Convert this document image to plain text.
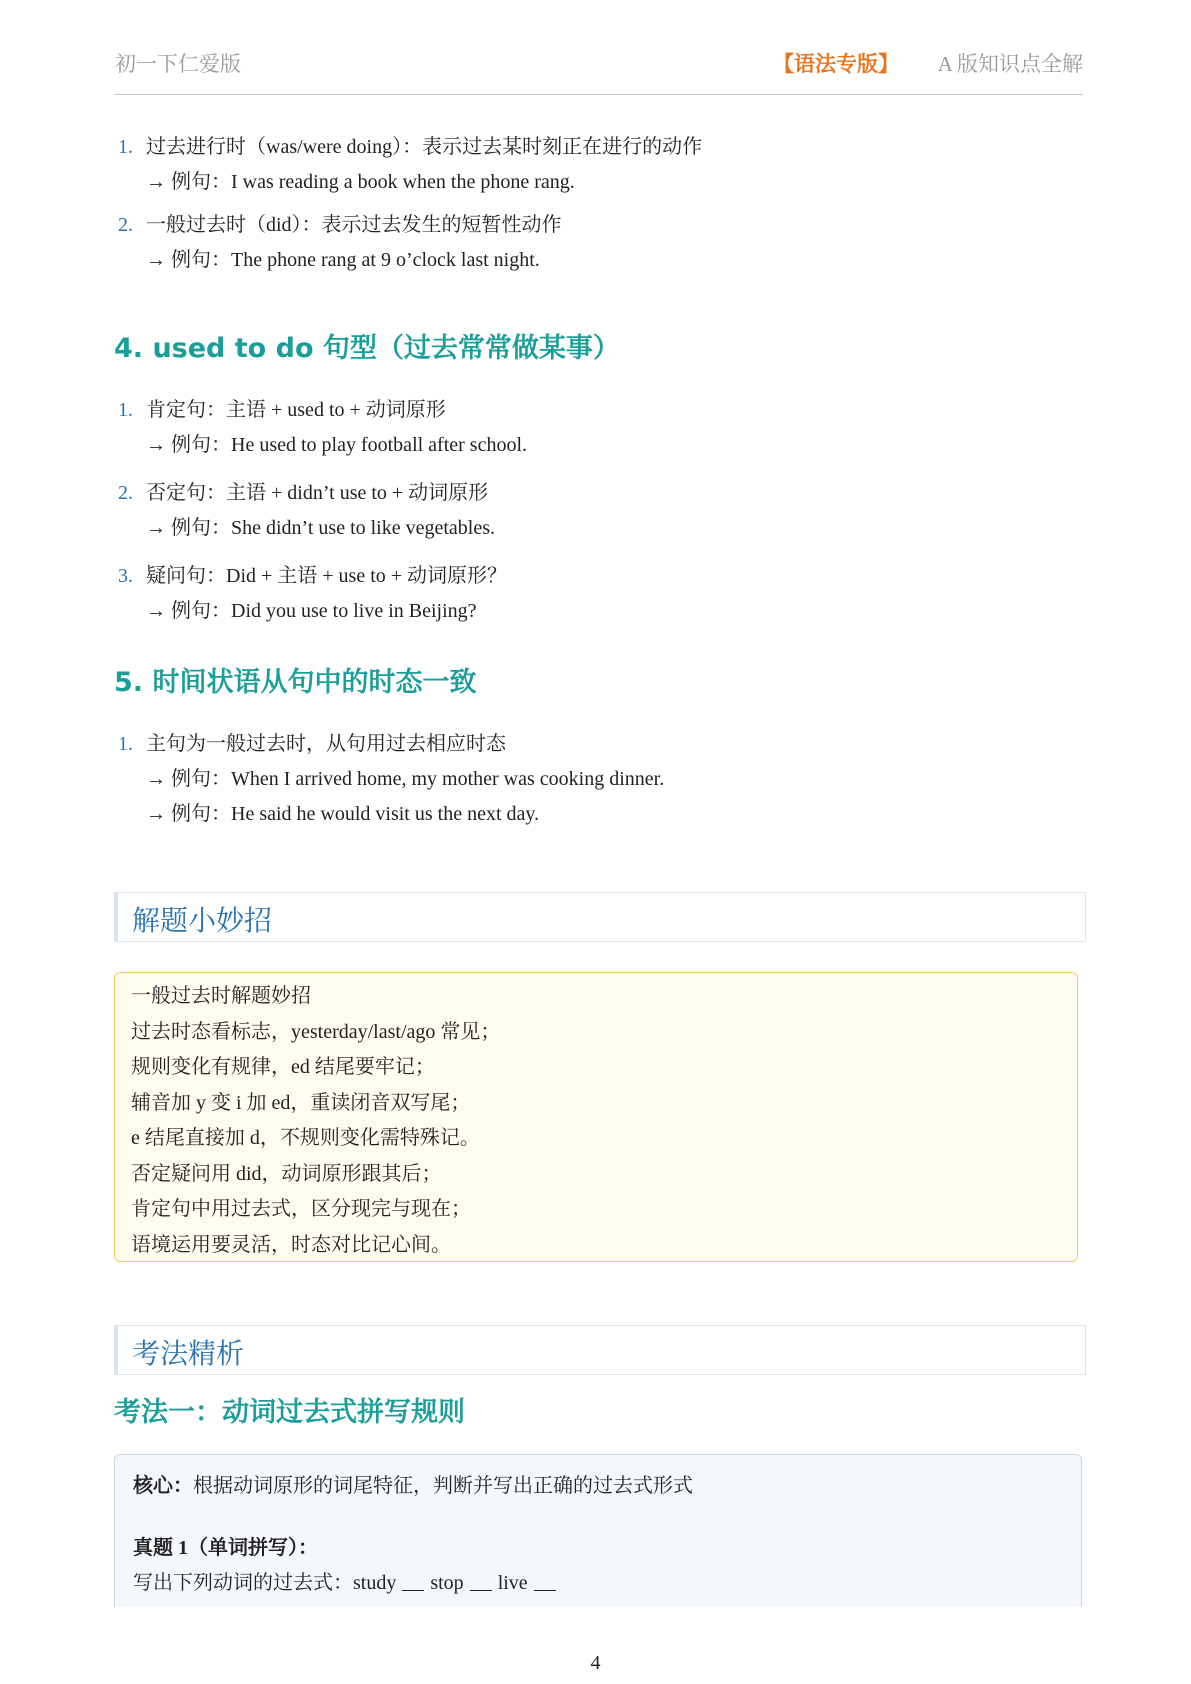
初一下仁爱版	【语法专版】 A 版知识点全解
1. 过去进行时（was/were doing）：表示过去某时刻正在进行的动作
→ 例句：I was reading a book when the phone rang.
2. 一般过去时（did）：表示过去发生的短暂性动作
→ 例句：The phone rang at 9 o’clock last night.
4. used to do 句型（过去常常做某事）
1. 肯定句：主语 + used to + 动词原形
→ 例句：He used to play football after school.
2. 否定句：主语 + didn’t use to + 动词原形
→ 例句：She didn’t use to like vegetables.
3. 疑问句：Did + 主语 + use to + 动词原形？
→ 例句：Did you use to live in Beijing?
5. 时间状语从句中的时态一致
1. 主句为一般过去时，从句用过去相应时态
→ 例句：When I arrived home, my mother was cooking dinner.
→ 例句：He said he would visit us the next day.
解题小妙招
一般过去时解题妙招
过去时态看标志，yesterday/last/ago 常见；
规则变化有规律，ed 结尾要牢记；
辅音加 y 变 i 加 ed，重读闭音双写尾；
e 结尾直接加 d，不规则变化需特殊记。
否定疑问用 did，动词原形跟其后；
肯定句中用过去式，区分现完与现在；
语境运用要灵活，时态对比记心间。
考法精析
考法一：动词过去式拼写规则
核心：根据动词原形的词尾特征，判断并写出正确的过去式形式
真题 1（单词拼写）：
写出下列动词的过去式：study stop live
4
